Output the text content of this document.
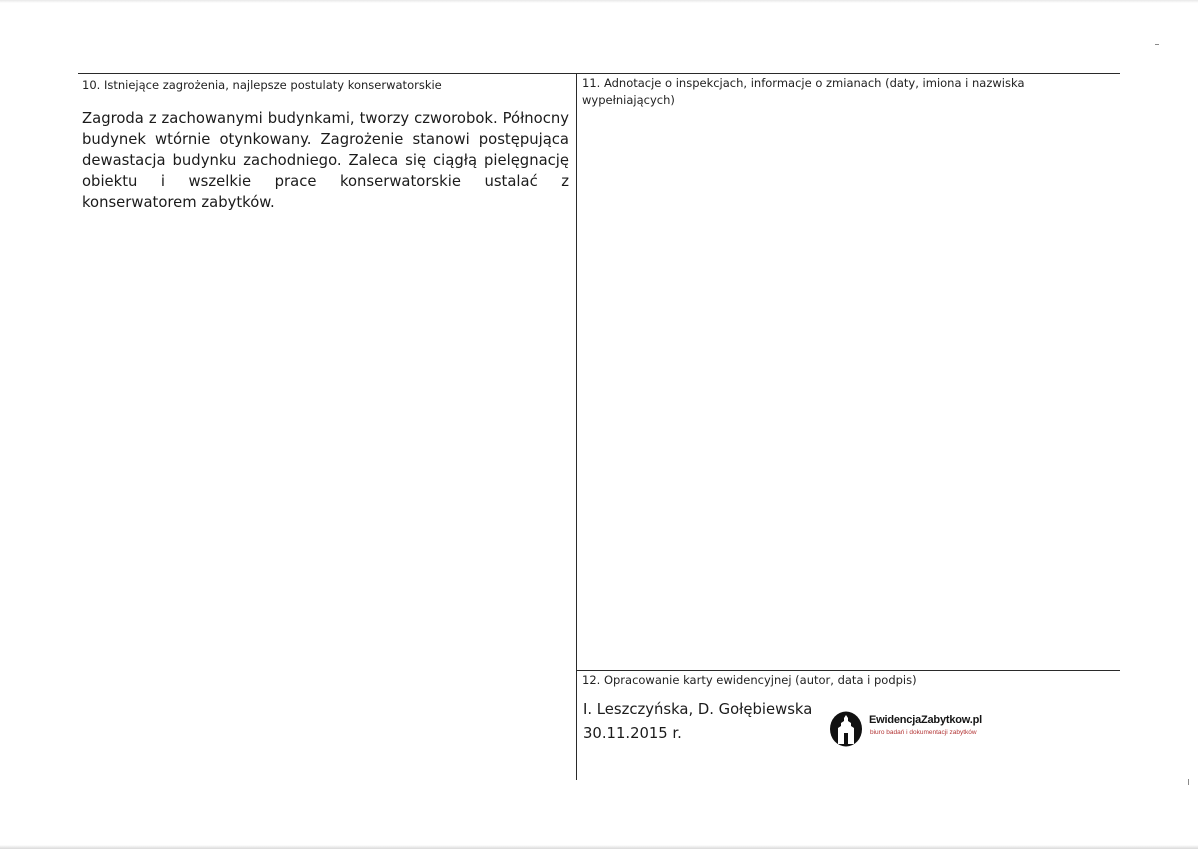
10. Istniejące zagrożenia, najlepsze postulaty konserwatorskie
Zagroda z zachowanymi budynkami, tworzy czworobok. Północny budynek wtórnie otynkowany. Zagrożenie stanowi postępująca dewastacja budynku zachodniego. Zaleca się ciągłą pielęgnację obiektu i wszelkie prace konserwatorskie ustalać z konserwatorem zabytków.
11. Adnotacje o inspekcjach, informacje o zmianach (daty, imiona i nazwiska wypełniających)
12. Opracowanie karty ewidencyjnej (autor, data i podpis)
I. Leszczyńska, D. Gołębiewska
30.11.2015 r.
EwidencjaZabytkow.pl
biuro badań i dokumentacji zabytków
